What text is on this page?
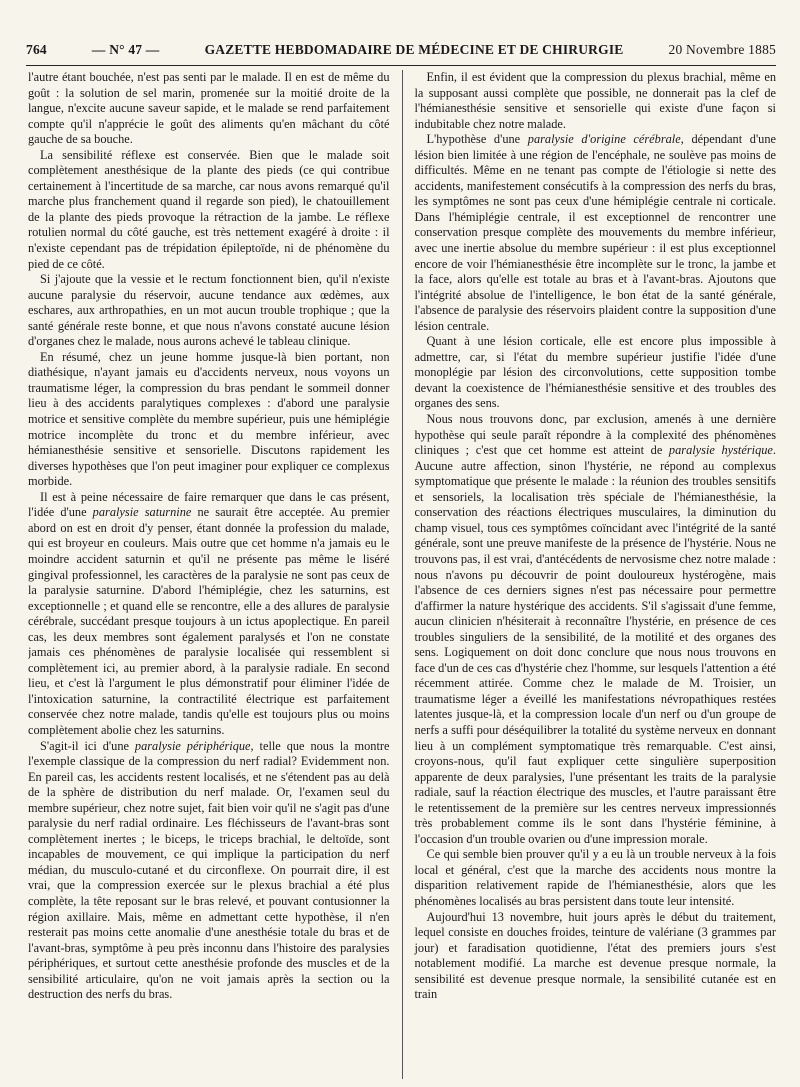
764	— N° 47 —	GAZETTE HEBDOMADAIRE DE MÉDECINE ET DE CHIRURGIE	20 Novembre 1885

l'autre étant bouchée, n'est pas senti par le malade. Il en est de même du goût : la solution de sel marin, promenée sur la moitié droite de la langue, n'excite aucune saveur sapide, et le malade se rend parfaitement compte qu'il n'apprécie le goût des aliments qu'en mâchant du côté gauche de sa bouche.

La sensibilité réflexe est conservée. Bien que le malade soit complètement anesthésique de la plante des pieds (ce qui contribue certainement à l'incertitude de sa marche, car nous avons remarqué qu'il marche plus franchement quand il regarde son pied), le chatouillement de la plante des pieds provoque la rétraction de la jambe. Le réflexe rotulien normal du côté gauche, est très nettement exagéré à droite : il n'existe cependant pas de trépidation épileptoïde, ni de phénomène du pied de ce côté.

Si j'ajoute que la vessie et le rectum fonctionnent bien, qu'il n'existe aucune paralysie du réservoir, aucune tendance aux œdèmes, aux eschares, aux arthropathies, en un mot aucun trouble trophique ; que la santé générale reste bonne, et que nous n'avons constaté aucune lésion d'organes chez le malade, nous aurons achevé le tableau clinique.

En résumé, chez un jeune homme jusque-là bien portant, non diathésique, n'ayant jamais eu d'accidents nerveux, nous voyons un traumatisme léger, la compression du bras pendant le sommeil donner lieu à des accidents paralytiques complexes : d'abord une paralysie motrice et sensitive complète du membre supérieur, puis une hémiplégie motrice incomplète du tronc et du membre inférieur, avec hémianesthésie sensitive et sensorielle. Discutons rapidement les diverses hypothèses que l'on peut imaginer pour expliquer ce complexus morbide.

Il est à peine nécessaire de faire remarquer que dans le cas présent, l'idée d'une paralysie saturnine ne saurait être acceptée. Au premier abord on est en droit d'y penser, étant donnée la profession du malade, qui est broyeur en couleurs. Mais outre que cet homme n'a jamais eu le moindre accident saturnin et qu'il ne présente pas même le liséré gingival professionnel, les caractères de la paralysie ne sont pas ceux de la paralysie saturnine. D'abord l'hémiplégie, chez les saturnins, est exceptionnelle ; et quand elle se rencontre, elle a des allures de paralysie cérébrale, succédant presque toujours à un ictus apoplectique. En pareil cas, les deux membres sont également paralysés et l'on ne constate jamais ces phénomènes de paralysie localisée qui ressemblent si complètement ici, au premier abord, à la paralysie radiale. En second lieu, et c'est là l'argument le plus démonstratif pour éliminer l'idée de l'intoxication saturnine, la contractilité électrique est parfaitement conservée chez notre malade, tandis qu'elle est toujours plus ou moins complètement abolie chez les saturnins.

S'agit-il ici d'une paralysie périphérique, telle que nous la montre l'exemple classique de la compression du nerf radial? Evidemment non. En pareil cas, les accidents restent localisés, et ne s'étendent pas au delà de la sphère de distribution du nerf malade. Or, l'examen seul du membre supérieur, chez notre sujet, fait bien voir qu'il ne s'agit pas d'une paralysie du nerf radial ordinaire. Les fléchisseurs de l'avant-bras sont complètement inertes ; le biceps, le triceps brachial, le deltoïde, sont incapables de mouvement, ce qui implique la participation du nerf médian, du musculo-cutané et du circonflexe. On pourrait dire, il est vrai, que la compression exercée sur le plexus brachial a été plus complète, la tête reposant sur le bras relevé, et pouvant contusionner la région axillaire. Mais, même en admettant cette hypothèse, il n'en resterait pas moins cette anomalie d'une anesthésie totale du bras et de l'avant-bras, symptôme à peu près inconnu dans l'histoire des paralysies périphériques, et surtout cette anesthésie profonde des muscles et de la sensibilité articulaire, qu'on ne voit jamais après la section ou la destruction des nerfs du bras.

Enfin, il est évident que la compression du plexus brachial, même en la supposant aussi complète que possible, ne donnerait pas la clef de l'hémianesthésie sensitive et sensorielle qui existe d'une façon si indubitable chez notre malade.

L'hypothèse d'une paralysie d'origine cérébrale, dépendant d'une lésion bien limitée à une région de l'encéphale, ne soulève pas moins de difficultés. Même en ne tenant pas compte de l'étiologie si nette des accidents, manifestement consécutifs à la compression des nerfs du bras, les symptômes ne sont pas ceux d'une hémiplégie centrale ni corticale. Dans l'hémiplégie centrale, il est exceptionnel de rencontrer une conservation presque complète des mouvements du membre inférieur, avec une inertie absolue du membre supérieur : il est plus exceptionnel encore de voir l'hémianesthésie être incomplète sur le tronc, la jambe et la face, alors qu'elle est totale au bras et à l'avant-bras. Ajoutons que l'intégrité absolue de l'intelligence, le bon état de la santé générale, l'absence de paralysie des réservoirs plaident contre la supposition d'une lésion centrale.

Quant à une lésion corticale, elle est encore plus impossible à admettre, car, si l'état du membre supérieur justifie l'idée d'une monoplégie par lésion des circonvolutions, cette supposition tombe devant la coexistence de l'hémianesthésie sensitive et des troubles des organes des sens.

Nous nous trouvons donc, par exclusion, amenés à une dernière hypothèse qui seule paraît répondre à la complexité des phénomènes cliniques ; c'est que cet homme est atteint de paralysie hystérique. Aucune autre affection, sinon l'hystérie, ne répond au complexus symptomatique que présente le malade : la réunion des troubles sensitifs et sensoriels, la localisation très spéciale de l'hémianesthésie, la conservation des réactions électriques musculaires, la diminution du champ visuel, tous ces symptômes coïncidant avec l'intégrité de la santé générale, sont une preuve manifeste de la présence de l'hystérie. Nous ne trouvons pas, il est vrai, d'antécédents de nervosisme chez notre malade : nous n'avons pu découvrir de point douloureux hystérogène, mais l'absence de ces derniers signes n'est pas nécessaire pour permettre d'affirmer la nature hystérique des accidents. S'il s'agissait d'une femme, aucun clinicien n'hésiterait à reconnaître l'hystérie, en présence de ces troubles singuliers de la sensibilité, de la motilité et des organes des sens. Logiquement on doit donc conclure que nous nous trouvons en face d'un de ces cas d'hystérie chez l'homme, sur lesquels l'attention a été récemment attirée. Comme chez le malade de M. Troisier, un traumatisme léger a éveillé les manifestations névropathiques restées latentes jusque-là, et la compression locale d'un nerf ou d'un groupe de nerfs a suffi pour déséquilibrer la totalité du système nerveux en donnant lieu à un complément symptomatique très remarquable. C'est ainsi, croyons-nous, qu'il faut expliquer cette singulière superposition apparente de deux paralysies, l'une présentant les traits de la paralysie radiale, sauf la réaction électrique des muscles, et l'autre paraissant être le retentissement de la première sur les centres nerveux impressionnés très probablement comme ils le sont dans l'hystérie féminine, à l'occasion d'un trouble ovarien ou d'une impression morale.

Ce qui semble bien prouver qu'il y a eu là un trouble nerveux à la fois local et général, c'est que la marche des accidents nous montre la disparition relativement rapide de l'hémianesthésie, alors que les phénomènes localisés au bras persistent dans toute leur intensité.

Aujourd'hui 13 novembre, huit jours après le début du traitement, lequel consiste en douches froides, teinture de valériane (3 grammes par jour) et faradisation quotidienne, l'état des premiers jours s'est notablement modifié. La marche est devenue presque normale, la sensibilité est devenue presque normale, la sensibilité cutanée est en train
